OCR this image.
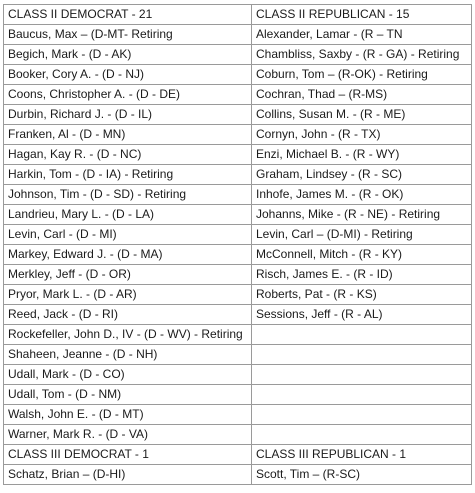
CLASS II DEMOCRAT - 21	CLASS II REPUBLICAN - 15
Baucus, Max – (D-MT- Retiring	Alexander, Lamar - (R – TN
Begich, Mark - (D - AK)	Chambliss, Saxby - (R - GA) - Retiring
Booker, Cory A. - (D - NJ)	Coburn, Tom – (R-OK) - Retiring
Coons, Christopher A. - (D - DE)	Cochran, Thad – (R-MS)
Durbin, Richard J. - (D - IL)	Collins, Susan M. - (R - ME)
Franken, Al - (D - MN)	Cornyn, John - (R - TX)
Hagan, Kay R. - (D - NC)	Enzi, Michael B. - (R - WY)
Harkin, Tom - (D - IA) - Retiring	Graham, Lindsey - (R - SC)
Johnson, Tim - (D - SD) - Retiring	Inhofe, James M. - (R - OK)
Landrieu, Mary L. - (D - LA)	Johanns, Mike - (R - NE) - Retiring
Levin, Carl - (D - MI)	Levin, Carl – (D-MI) - Retiring
Markey, Edward J. - (D - MA)	McConnell, Mitch - (R - KY)
Merkley, Jeff - (D - OR)	Risch, James E. - (R - ID)
Pryor, Mark L. - (D - AR)	Roberts, Pat - (R - KS)
Reed, Jack - (D - RI)	Sessions, Jeff - (R - AL)
Rockefeller, John D., IV - (D - WV) - Retiring	
Shaheen, Jeanne - (D - NH)	
Udall, Mark - (D - CO)	
Udall, Tom - (D - NM)	
Walsh, John E. - (D - MT)	
Warner, Mark R. - (D - VA)	
CLASS III DEMOCRAT - 1	CLASS III REPUBLICAN - 1
Schatz, Brian – (D-HI)	Scott, Tim – (R-SC)
